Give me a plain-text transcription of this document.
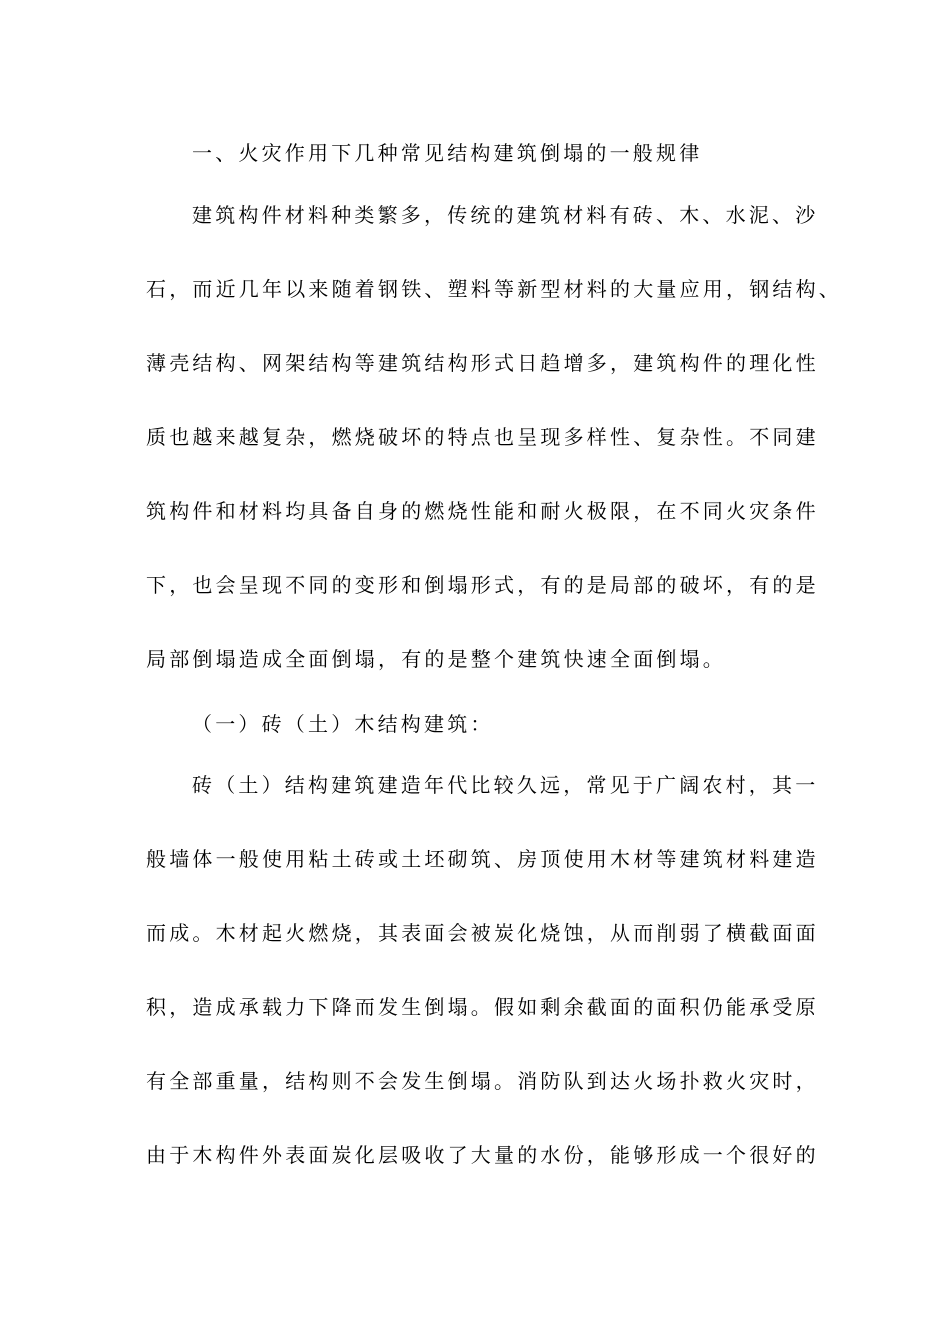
一、火灾作用下几种常见结构建筑倒塌的一般规律
建筑构件材料种类繁多，传统的建筑材料有砖、木、水泥、沙
石，而近几年以来随着钢铁、塑料等新型材料的大量应用，钢结构、
薄壳结构、网架结构等建筑结构形式日趋增多，建筑构件的理化性
质也越来越复杂，燃烧破坏的特点也呈现多样性、复杂性。不同建
筑构件和材料均具备自身的燃烧性能和耐火极限，在不同火灾条件
下，也会呈现不同的变形和倒塌形式，有的是局部的破坏，有的是
局部倒塌造成全面倒塌，有的是整个建筑快速全面倒塌。
（一）砖（土）木结构建筑：
砖（土）结构建筑建造年代比较久远，常见于广阔农村，其一
般墙体一般使用粘土砖或土坯砌筑、房顶使用木材等建筑材料建造
而成。木材起火燃烧，其表面会被炭化烧蚀，从而削弱了横截面面
积，造成承载力下降而发生倒塌。假如剩余截面的面积仍能承受原
有全部重量，结构则不会发生倒塌。消防队到达火场扑救火灾时，
由于木构件外表面炭化层吸收了大量的水份，能够形成一个很好的
